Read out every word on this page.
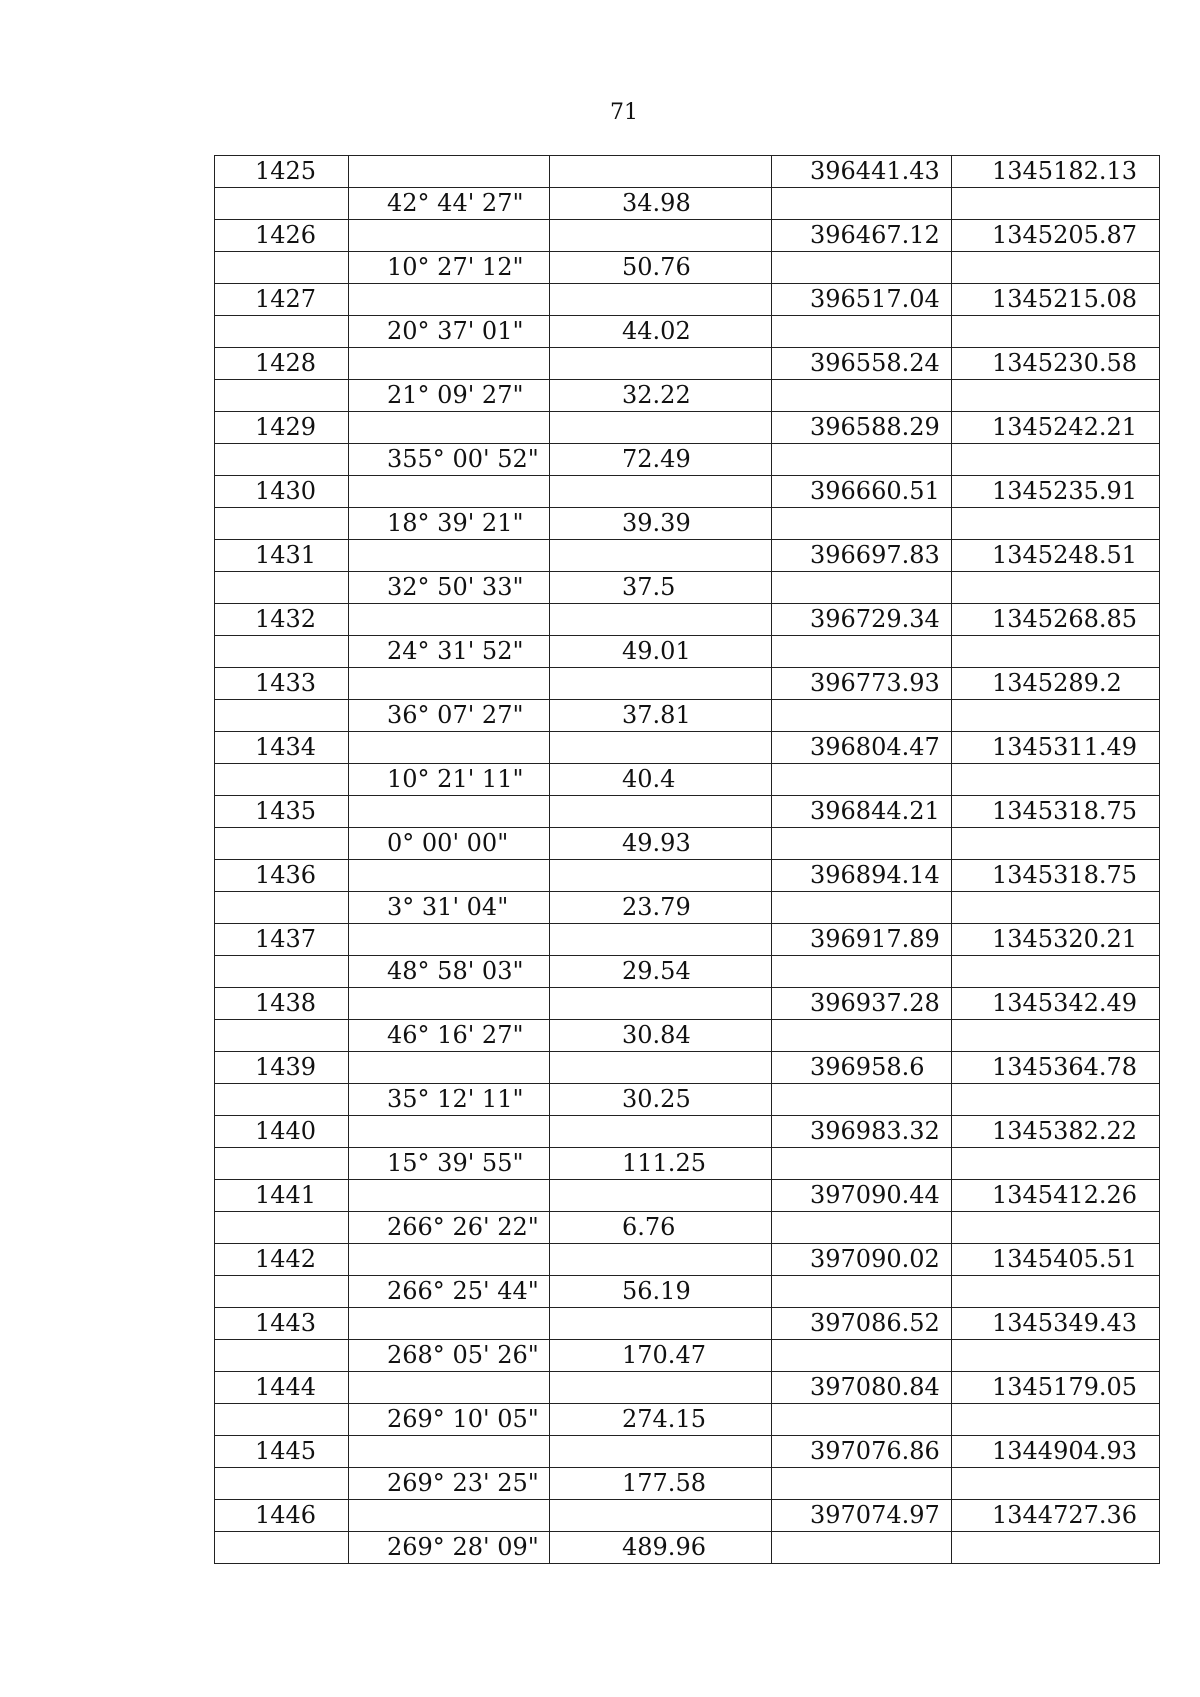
71
1425			396441.43	1345182.13
	42° 44' 27"	34.98		
1426			396467.12	1345205.87
	10° 27' 12"	50.76		
1427			396517.04	1345215.08
	20° 37' 01"	44.02		
1428			396558.24	1345230.58
	21° 09' 27"	32.22		
1429			396588.29	1345242.21
	355° 00' 52"	72.49		
1430			396660.51	1345235.91
	18° 39' 21"	39.39		
1431			396697.83	1345248.51
	32° 50' 33"	37.5		
1432			396729.34	1345268.85
	24° 31' 52"	49.01		
1433			396773.93	1345289.2
	36° 07' 27"	37.81		
1434			396804.47	1345311.49
	10° 21' 11"	40.4		
1435			396844.21	1345318.75
	0° 00' 00"	49.93		
1436			396894.14	1345318.75
	3° 31' 04"	23.79		
1437			396917.89	1345320.21
	48° 58' 03"	29.54		
1438			396937.28	1345342.49
	46° 16' 27"	30.84		
1439			396958.6	1345364.78
	35° 12' 11"	30.25		
1440			396983.32	1345382.22
	15° 39' 55"	111.25		
1441			397090.44	1345412.26
	266° 26' 22"	6.76		
1442			397090.02	1345405.51
	266° 25' 44"	56.19		
1443			397086.52	1345349.43
	268° 05' 26"	170.47		
1444			397080.84	1345179.05
	269° 10' 05"	274.15		
1445			397076.86	1344904.93
	269° 23' 25"	177.58		
1446			397074.97	1344727.36
	269° 28' 09"	489.96		
